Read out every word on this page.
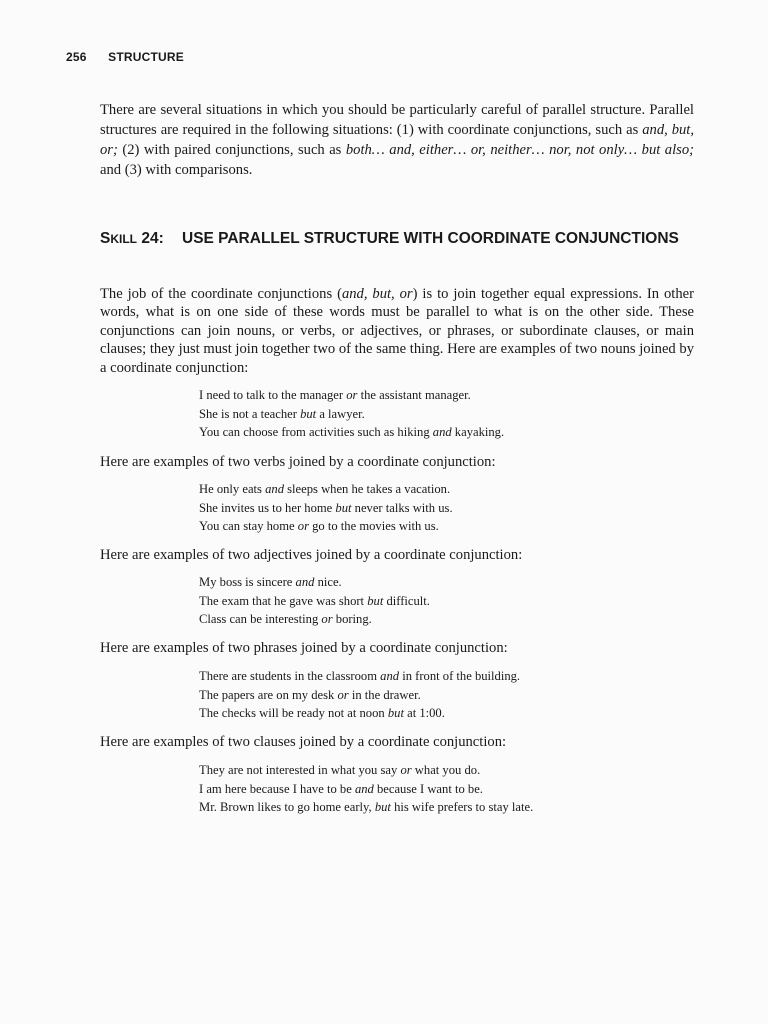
256 STRUCTURE

There are several situations in which you should be particularly careful of parallel structure. Parallel structures are required in the following situations: (1) with coordinate conjunctions, such as and, but, or; (2) with paired conjunctions, such as both… and, either… or, neither… nor, not only… but also; and (3) with comparisons.

SKILL 24:	USE PARALLEL STRUCTURE WITH COORDINATE CONJUNCTIONS

The job of the coordinate conjunctions (and, but, or) is to join together equal expressions. In other words, what is on one side of these words must be parallel to what is on the other side. These conjunctions can join nouns, or verbs, or adjectives, or phrases, or subordinate clauses, or main clauses; they just must join together two of the same thing. Here are examples of two nouns joined by a coordinate conjunction:

I need to talk to the manager or the assistant manager.
She is not a teacher but a lawyer.
You can choose from activities such as hiking and kayaking.

Here are examples of two verbs joined by a coordinate conjunction:

He only eats and sleeps when he takes a vacation.
She invites us to her home but never talks with us.
You can stay home or go to the movies with us.

Here are examples of two adjectives joined by a coordinate conjunction:

My boss is sincere and nice.
The exam that he gave was short but difficult.
Class can be interesting or boring.

Here are examples of two phrases joined by a coordinate conjunction:

There are students in the classroom and in front of the building.
The papers are on my desk or in the drawer.
The checks will be ready not at noon but at 1:00.

Here are examples of two clauses joined by a coordinate conjunction:

They are not interested in what you say or what you do.
I am here because I have to be and because I want to be.
Mr. Brown likes to go home early, but his wife prefers to stay late.
